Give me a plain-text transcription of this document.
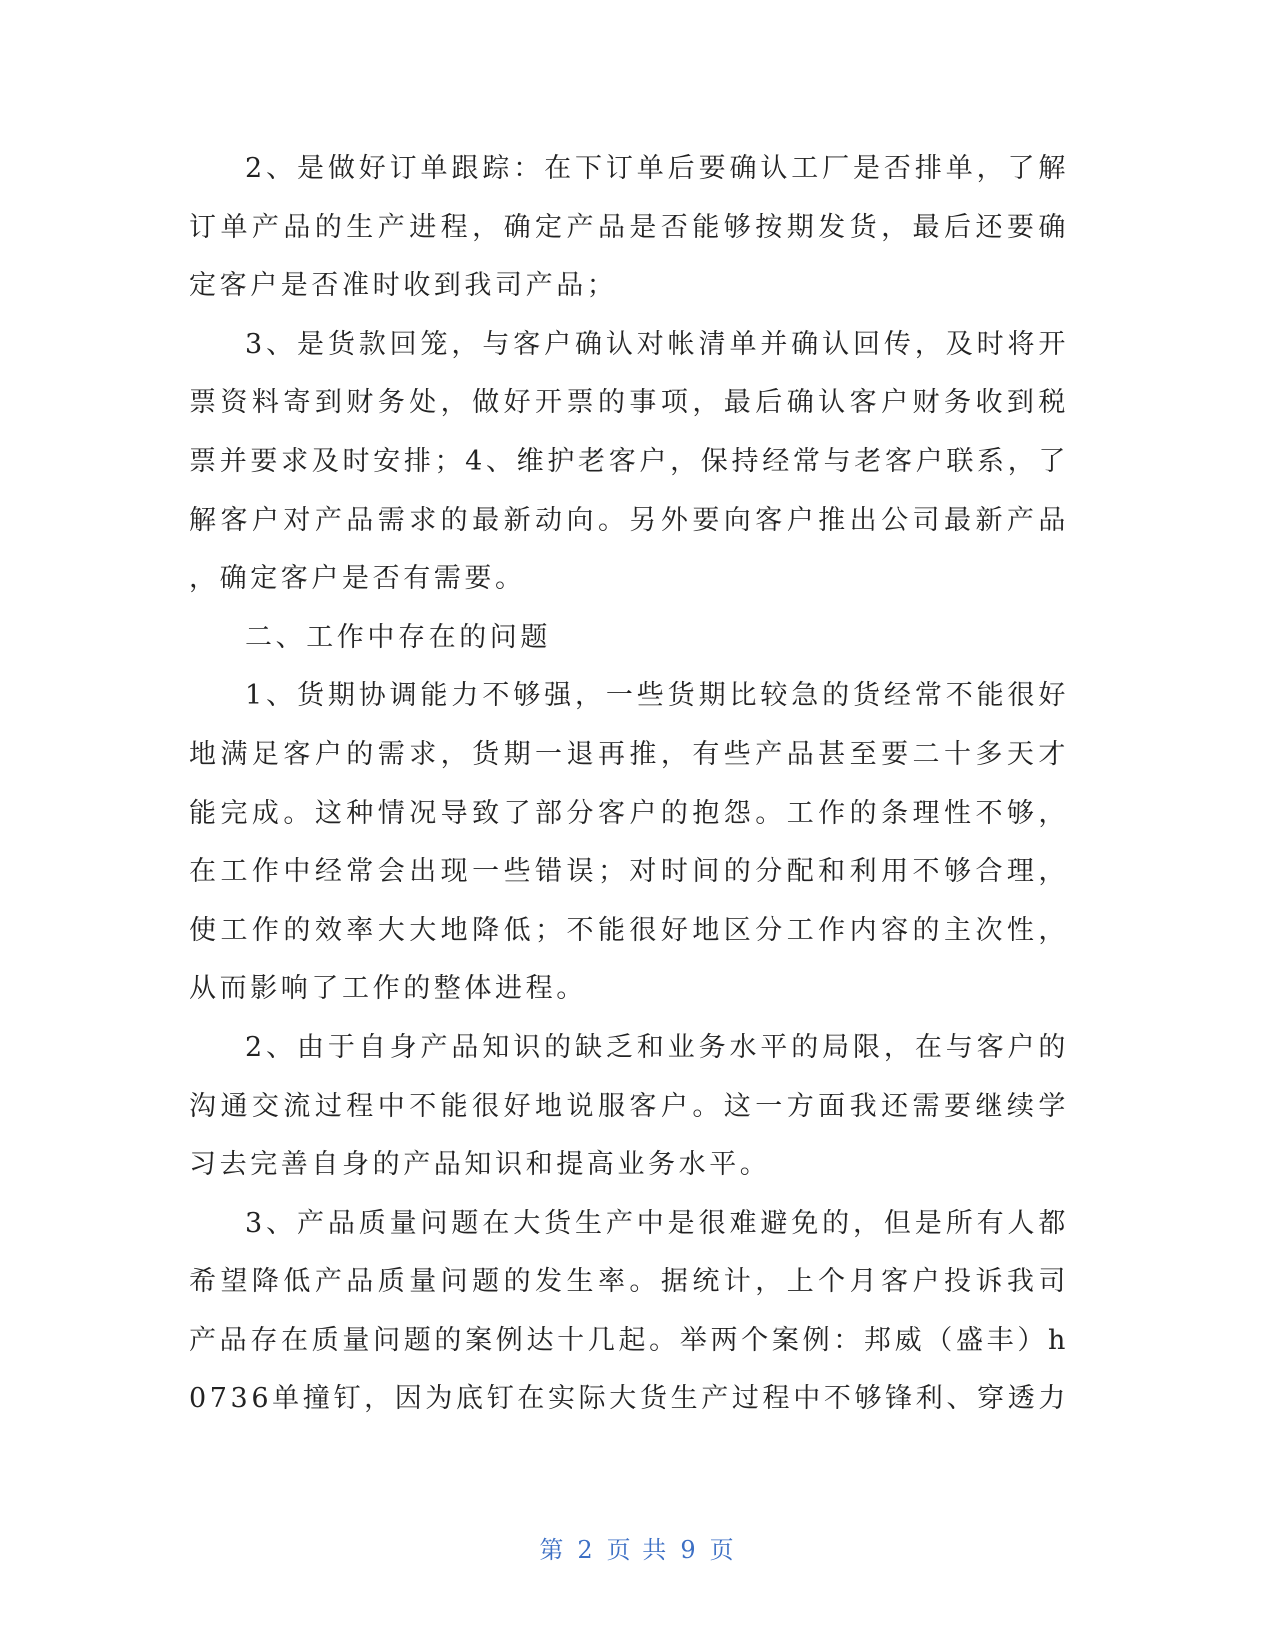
2、是做好订单跟踪：在下订单后要确认工厂是否排单，了解
订单产品的生产进程，确定产品是否能够按期发货，最后还要确
定客户是否准时收到我司产品；
3、是货款回笼，与客户确认对帐清单并确认回传，及时将开
票资料寄到财务处，做好开票的事项，最后确认客户财务收到税
票并要求及时安排；4、维护老客户，保持经常与老客户联系，了
解客户对产品需求的最新动向。另外要向客户推出公司最新产品
，确定客户是否有需要。
二、工作中存在的问题
1、货期协调能力不够强，一些货期比较急的货经常不能很好
地满足客户的需求，货期一退再推，有些产品甚至要二十多天才
能完成。这种情况导致了部分客户的抱怨。工作的条理性不够，
在工作中经常会出现一些错误；对时间的分配和利用不够合理，
使工作的效率大大地降低；不能很好地区分工作内容的主次性，
从而影响了工作的整体进程。
2、由于自身产品知识的缺乏和业务水平的局限，在与客户的
沟通交流过程中不能很好地说服客户。这一方面我还需要继续学
习去完善自身的产品知识和提高业务水平。
3、产品质量问题在大货生产中是很难避免的，但是所有人都
希望降低产品质量问题的发生率。据统计，上个月客户投诉我司
产品存在质量问题的案例达十几起。举两个案例：邦威（盛丰）h
0736单撞钉，因为底钉在实际大货生产过程中不够锋利、穿透力
第 2 页 共 9 页
